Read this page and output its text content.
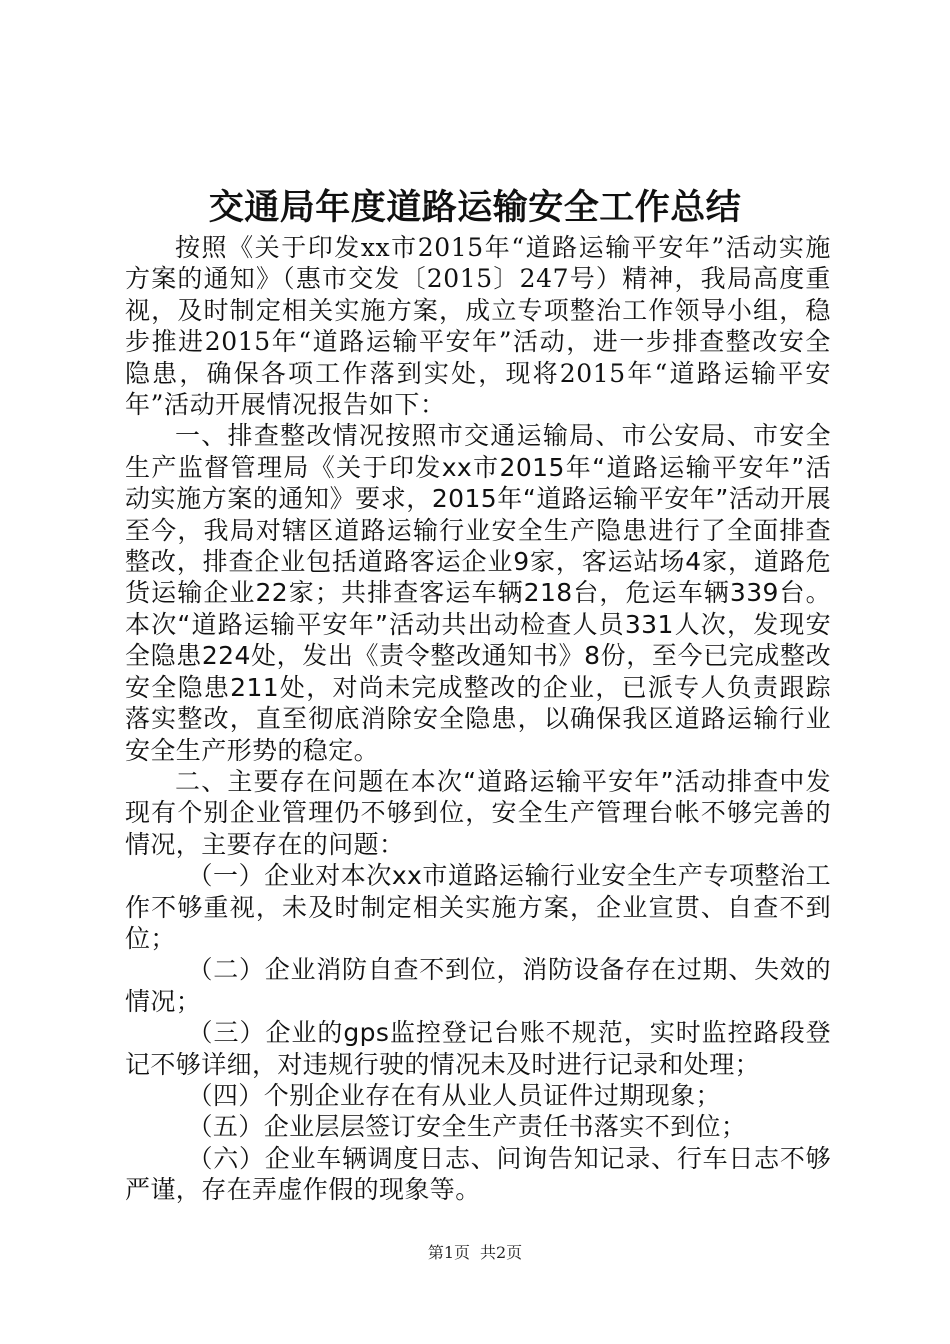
交通局年度道路运输安全工作总结

按照《关于印发xx市2015年“道路运输平安年”活动实施方案的通知》（惠市交发〔2015〕247号）精神，我局高度重视，及时制定相关实施方案，成立专项整治工作领导小组，稳步推进2015年“道路运输平安年”活动，进一步排查整改安全隐患，确保各项工作落到实处，现将2015年“道路运输平安年”活动开展情况报告如下：

一、排查整改情况按照市交通运输局、市公安局、市安全生产监督管理局《关于印发xx市2015年“道路运输平安年”活动实施方案的通知》要求，2015年“道路运输平安年”活动开展至今，我局对辖区道路运输行业安全生产隐患进行了全面排查整改，排查企业包括道路客运企业9家，客运站场4家，道路危货运输企业22家；共排查客运车辆218台，危运车辆339台。本次“道路运输平安年”活动共出动检查人员331人次，发现安全隐患224处，发出《责令整改通知书》8份，至今已完成整改安全隐患211处，对尚未完成整改的企业，已派专人负责跟踪落实整改，直至彻底消除安全隐患，以确保我区道路运输行业安全生产形势的稳定。

二、主要存在问题在本次“道路运输平安年”活动排查中发现有个别企业管理仍不够到位，安全生产管理台帐不够完善的情况，主要存在的问题：

（一）企业对本次xx市道路运输行业安全生产专项整治工作不够重视，未及时制定相关实施方案，企业宣贯、自查不到位；

（二）企业消防自查不到位，消防设备存在过期、失效的情况；

（三）企业的gps监控登记台账不规范，实时监控路段登记不够详细，对违规行驶的情况未及时进行记录和处理；

（四）个别企业存在有从业人员证件过期现象；

（五）企业层层签订安全生产责任书落实不到位；

（六）企业车辆调度日志、问询告知记录、行车日志不够严谨，存在弄虚作假的现象等。

第1页 共2页
